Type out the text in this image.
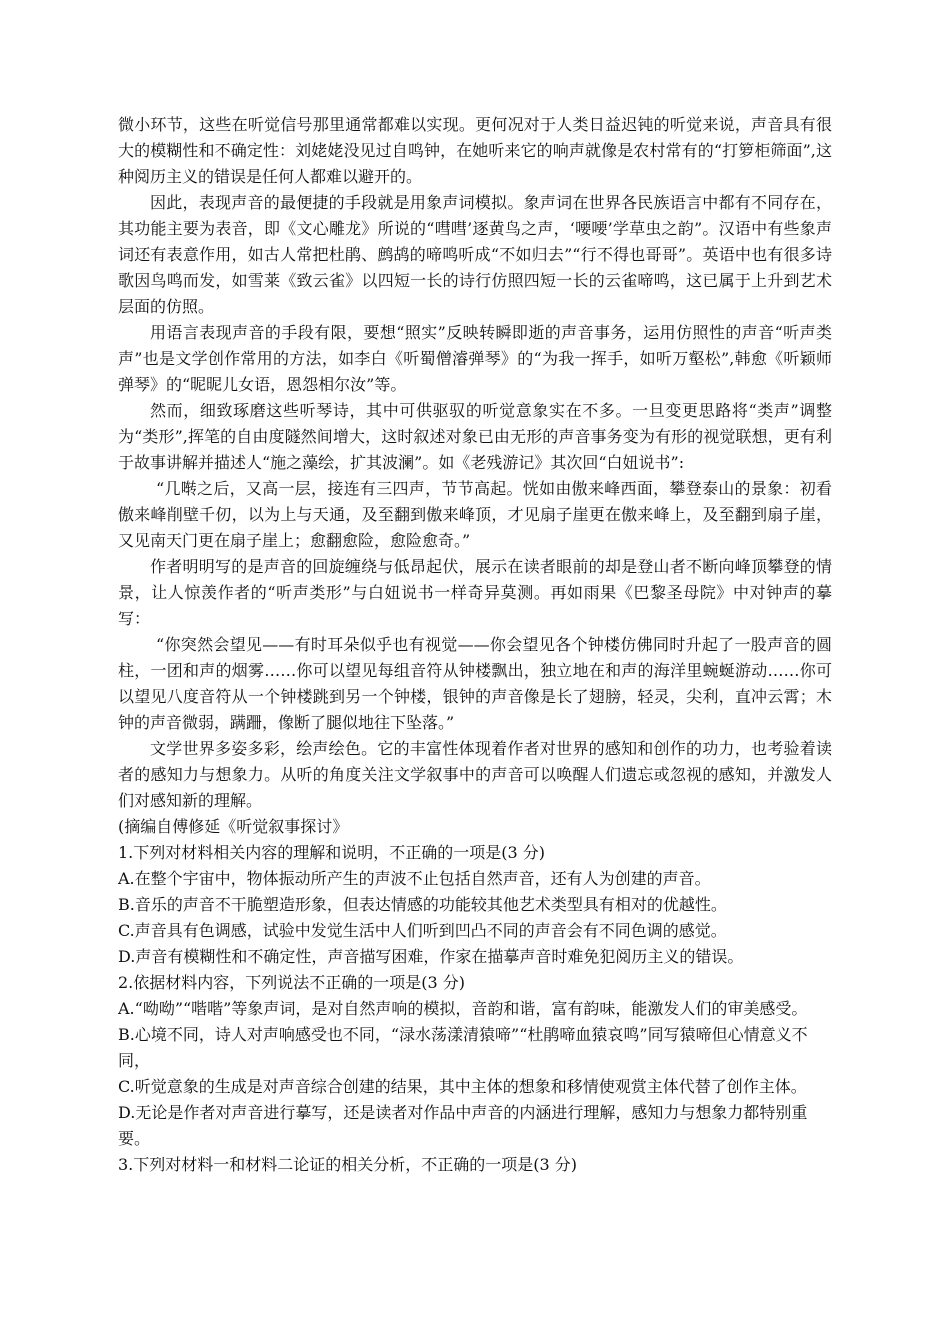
微小环节，这些在听觉信号那里通常都难以实现。更何况对于人类日益迟钝的听觉来说，声音具有很大的模糊性和不确定性：刘姥姥没见过自鸣钟，在她听来它的响声就像是农村常有的“打箩柜筛面”,这种阅历主义的错误是任何人都难以避开的。

因此，表现声音的最便捷的手段就是用象声词模拟。象声词在世界各民族语言中都有不同存在，其功能主要为表音，即《文心雕龙》所说的“嘒嘒’逐黄鸟之声，‘喓喓’学草虫之韵”。汉语中有些象声词还有表意作用，如古人常把杜鹃、鹧鸪的啼鸣听成“不如归去”“行不得也哥哥”。英语中也有很多诗歌因鸟鸣而发，如雪莱《致云雀》以四短一长的诗行仿照四短一长的云雀啼鸣，这已属于上升到艺术层面的仿照。

用语言表现声音的手段有限，要想“照实”反映转瞬即逝的声音事务，运用仿照性的声音“听声类声”也是文学创作常用的方法，如李白《听蜀僧濬弹琴》的“为我一挥手，如听万壑松”,韩愈《听颖师弹琴》的“昵昵儿女语，恩怨相尔汝”等。

然而，细致琢磨这些听琴诗，其中可供驱驭的听觉意象实在不多。一旦变更思路将“类声”调整为“类形”,挥笔的自由度隧然间增大，这时叙述对象已由无形的声音事务变为有形的视觉联想，更有利于故事讲解并描述人“施之藻绘，扩其波澜”。如《老残游记》其次回“白妞说书”:

“几啭之后，又高一层，接连有三四声，节节高起。恍如由傲来峰西面，攀登泰山的景象：初看傲来峰削壁千仞，以为上与天通，及至翻到傲来峰顶，才见扇子崖更在傲来峰上，及至翻到扇子崖，又见南天门更在扇子崖上；愈翻愈险，愈险愈奇。”

作者明明写的是声音的回旋缠绕与低昂起伏，展示在读者眼前的却是登山者不断向峰顶攀登的情景，让人惊羡作者的“听声类形”与白妞说书一样奇异莫测。再如雨果《巴黎圣母院》中对钟声的摹写：

“你突然会望见——有时耳朵似乎也有视觉——你会望见各个钟楼仿佛同时升起了一股声音的圆柱，一团和声的烟雾……你可以望见每组音符从钟楼飘出，独立地在和声的海洋里蜿蜒游动……你可以望见八度音符从一个钟楼跳到另一个钟楼，银钟的声音像是长了翅膀，轻灵，尖利，直冲云霄；木钟的声音微弱，蹒跚，像断了腿似地往下坠落。”

文学世界多姿多彩，绘声绘色。它的丰富性体现着作者对世界的感知和创作的功力，也考验着读者的感知力与想象力。从听的角度关注文学叙事中的声音可以唤醒人们遗忘或忽视的感知，并激发人们对感知新的理解。

(摘编自傅修延《听觉叙事探讨》

1.下列对材料相关内容的理解和说明，不正确的一项是(3 分)

A.在整个宇宙中，物体振动所产生的声波不止包括自然声音，还有人为创建的声音。

B.音乐的声音不干脆塑造形象，但表达情感的功能较其他艺术类型具有相对的优越性。

C.声音具有色调感，试验中发觉生活中人们听到凹凸不同的声音会有不同色调的感觉。

D.声音有模糊性和不确定性，声音描写困难，作家在描摹声音时难免犯阅历主义的错误。

2.依据材料内容，下列说法不正确的一项是(3 分)

A.“呦呦”“喈喈”等象声词，是对自然声响的模拟，音韵和谐，富有韵味，能激发人们的审美感受。

B.心境不同，诗人对声响感受也不同，“渌水荡漾清猿啼”“杜鹃啼血猿哀鸣”同写猿啼但心情意义不同，

C.听觉意象的生成是对声音综合创建的结果，其中主体的想象和移情使观赏主体代替了创作主体。

D.无论是作者对声音进行摹写，还是读者对作品中声音的内涵进行理解，感知力与想象力都特别重要。

3.下列对材料一和材料二论证的相关分析，不正确的一项是(3 分)
